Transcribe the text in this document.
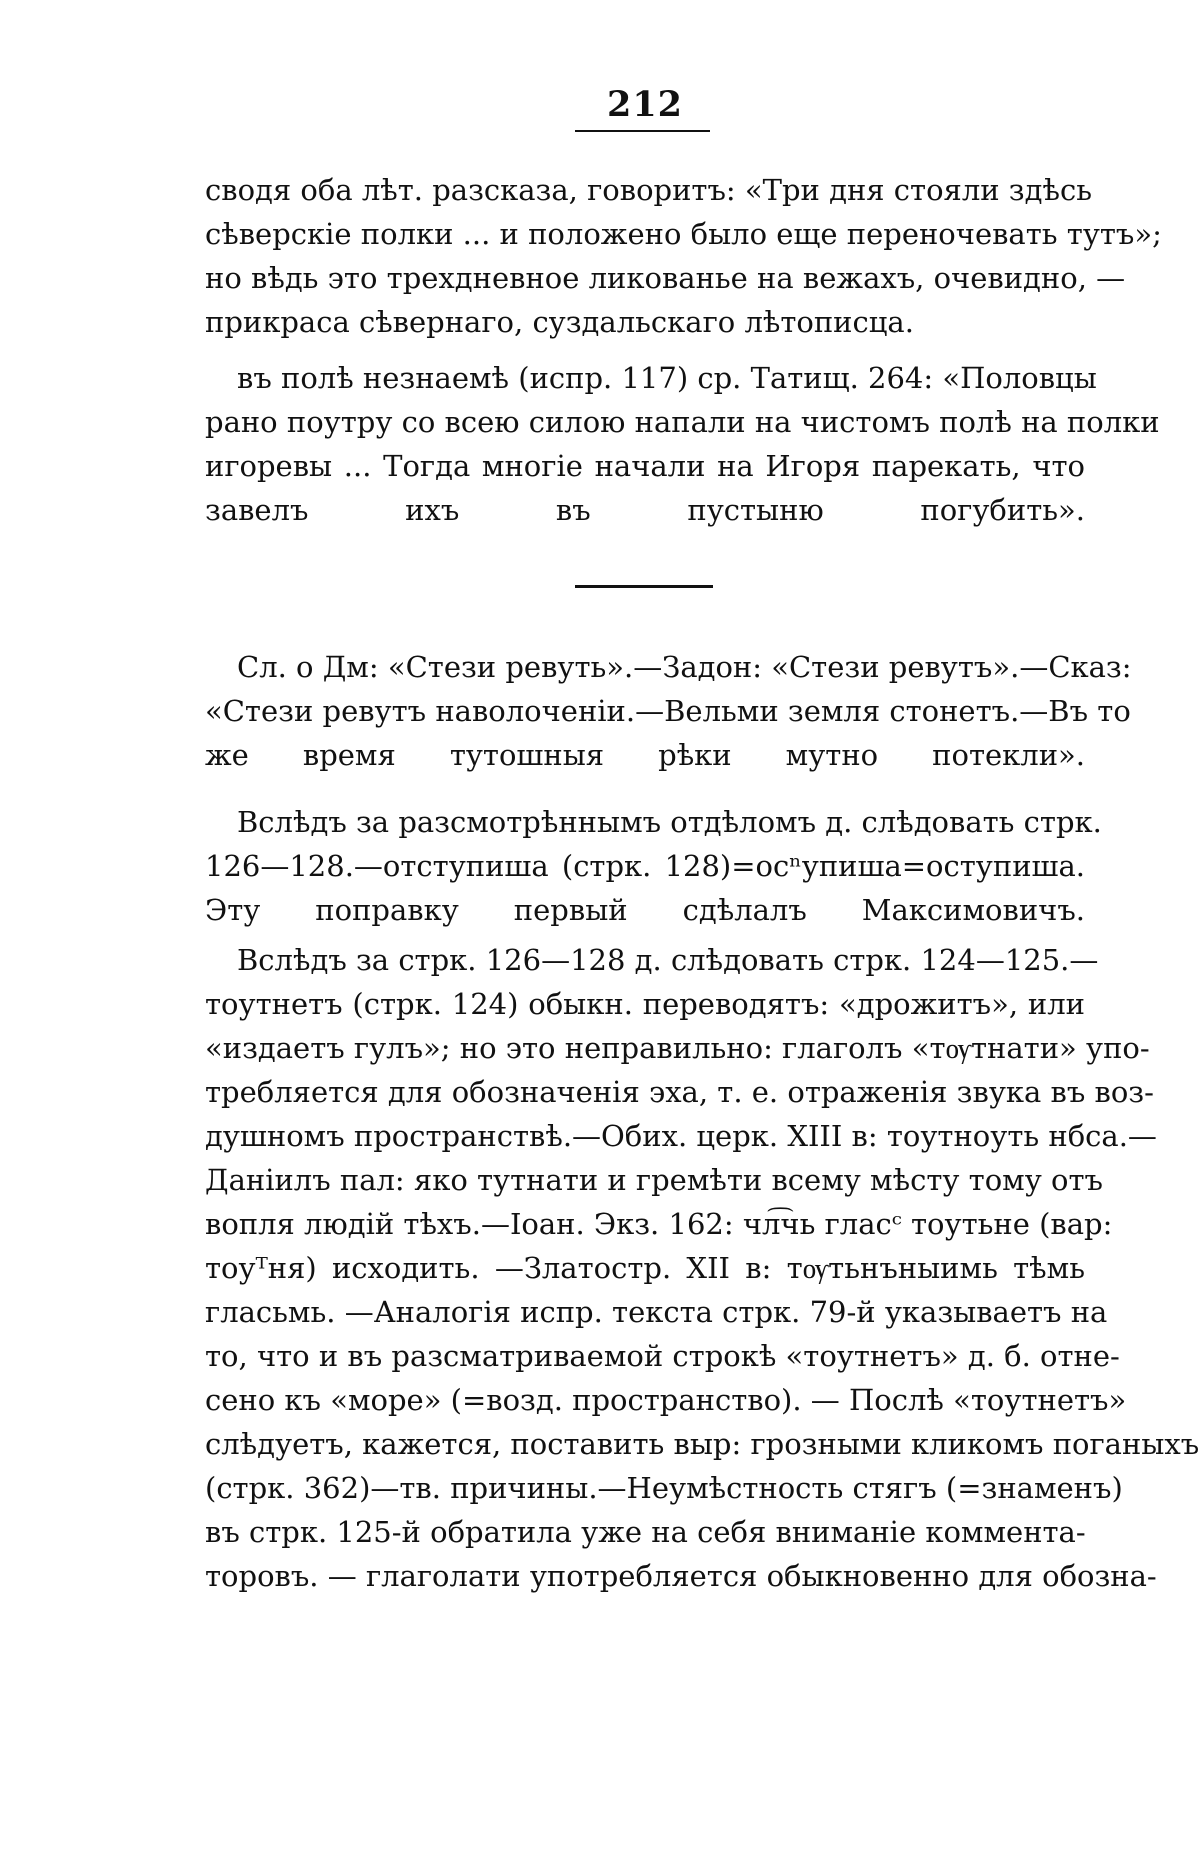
212
сводя оба лѣт. разсказа, говоритъ: «Три дня стояли здѣсь
сѣверскіе полки ... и положено было еще переночевать тутъ»;
но вѣдь это трехдневное ликованье на вежахъ, очевидно, —
прикраса сѣвернаго, суздальскаго лѣтописца.
въ полѣ незнаемѣ (испр. 117) ср. Татищ. 264: «Половцы
рано поутру со всею силою напали на чистомъ полѣ на полки
игоревы ... Тогда многіе начали на Игоря парекать, что
завелъ ихъ въ пустыню погубить».
Сл. о Дм: «Стези ревуть».—Задон: «Стези ревутъ».—Сказ:
«Стези ревутъ наволоченіи.—Вельми земля стонетъ.—Въ то
же время тутошныя рѣки мутно потекли».
Вслѣдъ за разсмотрѣннымъ отдѣломъ д. слѣдовать стрк.
126—128.—отступиша (стрк. 128)=осⁿупиша=оступиша.
Эту поправку первый сдѣлалъ Максимовичъ.
Вслѣдъ за стрк. 126—128 д. слѣдовать стрк. 124—125.—
тоутнетъ (стрк. 124) обыкн. переводятъ: «дрожитъ», или
«издаетъ гулъ»; но это неправильно: глаголъ «тѹтнати» упо-
требляется для обозначенія эха, т. е. отраженія звука въ воз-
душномъ пространствѣ.—Обих. церк. XIII в: тоутноуть нбса.—
Даніилъ пал: яко тутнати и гремѣти всему мѣсту тому отъ
вопля людій тѣхъ.—Іоан. Экз. 162: чл͡чь гласᶜ тоутьне (вар:
тоуᵀня) исходить. —Златостр. XII в: тѹтьнъныимь тѣмь
гласьмь. —Аналогія испр. текста стрк. 79-й указываетъ на
то, что и въ разсматриваемой строкѣ «тоутнетъ» д. б. отне-
сено къ «море» (=возд. пространство). — Послѣ «тоутнетъ»
слѣдуетъ, кажется, поставить выр: грозными кликомъ поганыхъ
(стрк. 362)—тв. причины.—Неумѣстность стягъ (=знаменъ)
въ стрк. 125-й обратила уже на себя вниманіе коммента-
торовъ. — глаголати употребляется обыкновенно для обозна-
